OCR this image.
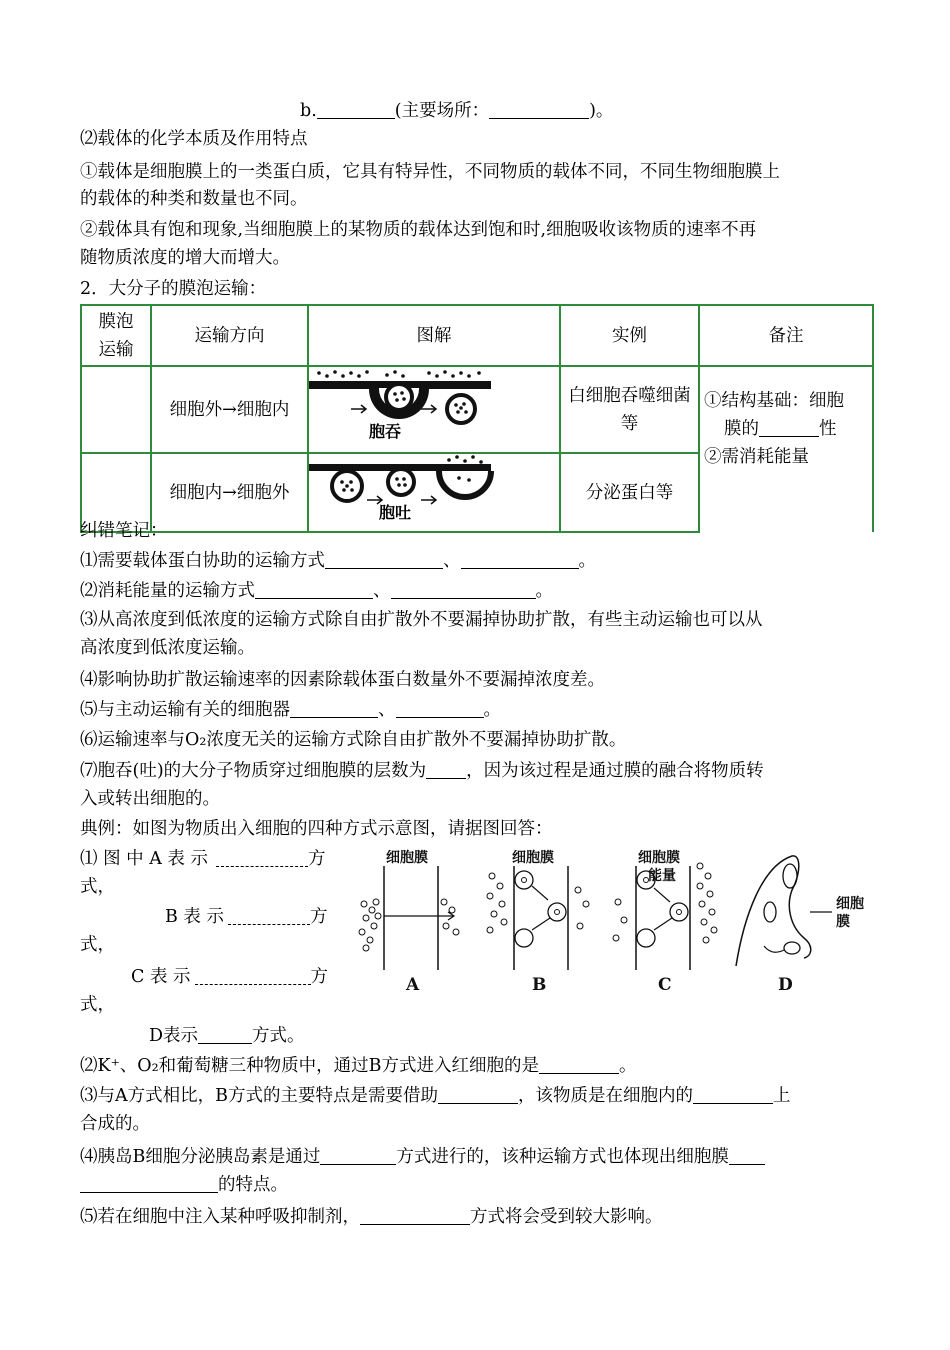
b.	(主要场所：	)。
⑵载体的化学本质及作用特点
①载体是细胞膜上的一类蛋白质，它具有特异性，不同物质的载体不同，不同生物细胞膜上
的载体的种类和数量也不同。
②载体具有饱和现象,当细胞膜上的某物质的载体达到饱和时,细胞吸收该物质的速率不再
随物质浓度的增大而增大。
2．大分子的膜泡运输：
膜泡运输	运输方向	图解	实例	备注
	细胞外→细胞内	胞吞	白细胞吞噬细菌等	①结构基础：细胞
膜的 性
②需消耗能量

	细胞内→细胞外	胞吐	分泌蛋白等	
纠错笔记：
⑴需要载体蛋白协助的运输方式	、	。
⑵消耗能量的运输方式	、	。
⑶从高浓度到低浓度的运输方式除自由扩散外不要漏掉协助扩散，有些主动运输也可以从
高浓度到低浓度运输。
⑷影响协助扩散运输速率的因素除载体蛋白数量外不要漏掉浓度差。
⑸与主动运输有关的细胞器	、	。
⑹运输速率与O₂浓度无关的运输方式除自由扩散外不要漏掉协助扩散。
⑺胞吞(吐)的大分子物质穿过细胞膜的层数为 ，因为该过程是通过膜的融合将物质转
入或转出细胞的。
典例：如图为物质出入细胞的四种方式示意图，请据图回答：
⑴ 图 中 A 表 示	方
式，
B 表 示	方
式，
C 表 示	方
式，
D表示	方式。
细胞膜	细胞膜	细胞膜
能量
细胞
膜
A	B	C	D
⑵K⁺、O₂和葡萄糖三种物质中，通过B方式进入红细胞的是	。
⑶与A方式相比，B方式的主要特点是需要借助	，该物质是在细胞内的	上
合成的。
⑷胰岛B细胞分泌胰岛素是通过	方式进行的，该种运输方式也体现出细胞膜
的特点。
⑸若在细胞中注入某种呼吸抑制剂，	方式将会受到较大影响。
